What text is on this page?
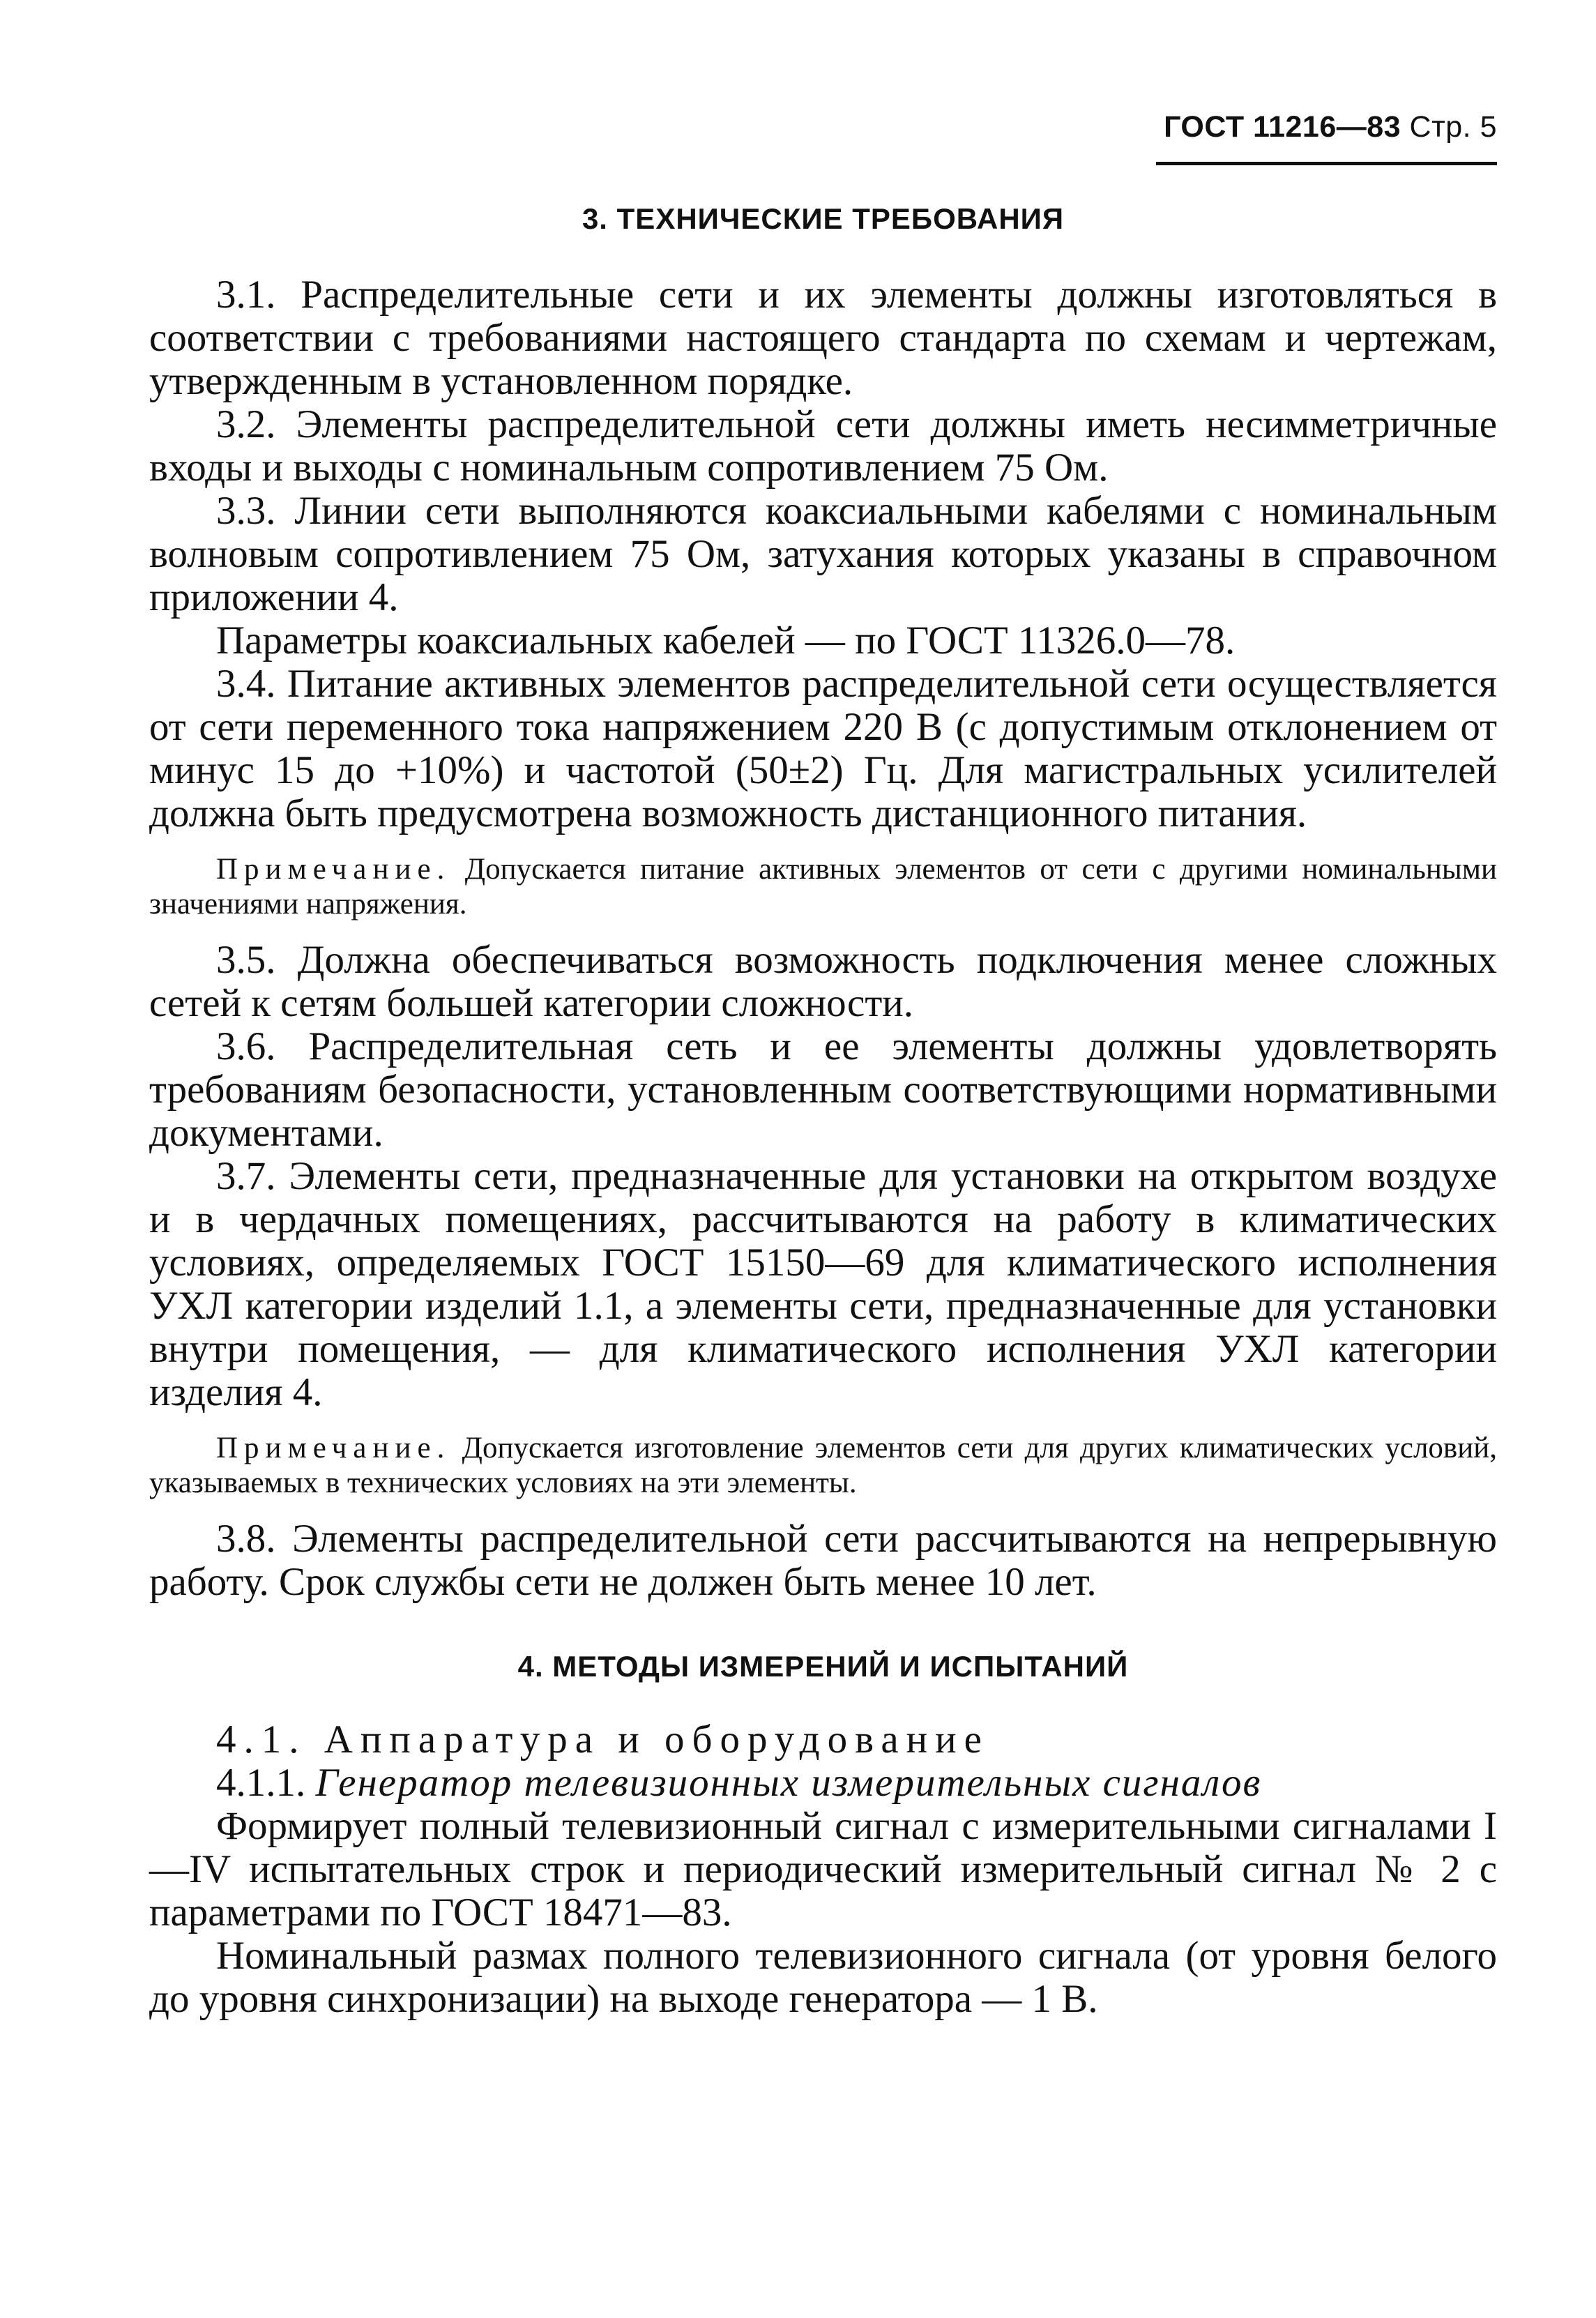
ГОСТ 11216—83 Стр. 5
3. ТЕХНИЧЕСКИЕ ТРЕБОВАНИЯ

3.1. Распределительные сети и их элементы должны изготовляться в соответствии с требованиями настоящего стандарта по схемам и чертежам, утвержденным в установленном порядке.

3.2. Элементы распределительной сети должны иметь несимметричные входы и выходы с номинальным сопротивлением 75 Ом.

3.3. Линии сети выполняются коаксиальными кабелями с номинальным волновым сопротивлением 75 Ом, затухания которых указаны в справочном приложении 4.

Параметры коаксиальных кабелей — по ГОСТ 11326.0—78.

3.4. Питание активных элементов распределительной сети осуществляется от сети переменного тока напряжением 220 В (с допустимым отклонением от минус 15 до +10%) и частотой (50±2) Гц. Для магистральных усилителей должна быть предусмотрена возможность дистанционного питания.

Примечание. Допускается питание активных элементов от сети с другими номинальными значениями напряжения.

3.5. Должна обеспечиваться возможность подключения менее сложных сетей к сетям большей категории сложности.

3.6. Распределительная сеть и ее элементы должны удовлетворять требованиям безопасности, установленным соответствующими нормативными документами.

3.7. Элементы сети, предназначенные для установки на открытом воздухе и в чердачных помещениях, рассчитываются на работу в климатических условиях, определяемых ГОСТ 15150—69 для климатического исполнения УХЛ категории изделий 1.1, а элементы сети, предназначенные для установки внутри помещения, — для климатического исполнения УХЛ категории изделия 4.

Примечание. Допускается изготовление элементов сети для других климатических условий, указываемых в технических условиях на эти элементы.

3.8. Элементы распределительной сети рассчитываются на непрерывную работу. Срок службы сети не должен быть менее 10 лет.

4. МЕТОДЫ ИЗМЕРЕНИЙ И ИСПЫТАНИЙ

4.1. Аппаратура и оборудование

4.1.1. Генератор телевизионных измерительных сигналов

Формирует полный телевизионный сигнал с измерительными сигналами I—IV испытательных строк и периодический измерительный сигнал № 2 с параметрами по ГОСТ 18471—83.

Номинальный размах полного телевизионного сигнала (от уровня белого до уровня синхронизации) на выходе генератора — 1 В.
